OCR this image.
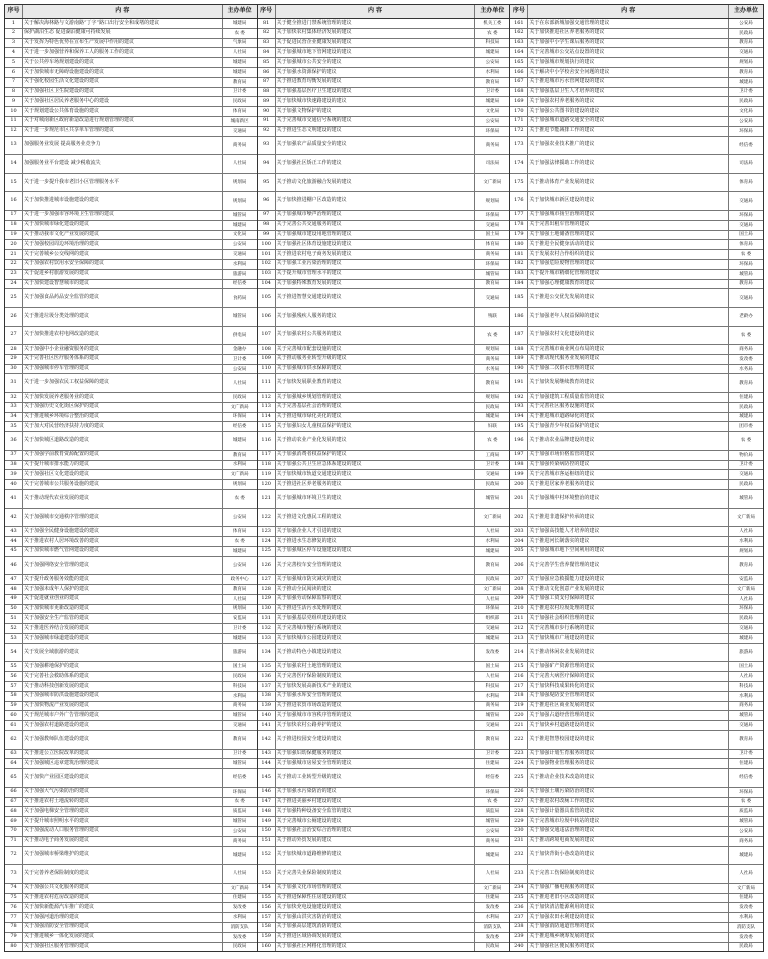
序号	内 容	主办单位
1	关于解决海林路与文游南路“丁字”路口出行安全和成堵的建议	城建局
2	保护湖泊生态 促进湖泊健康可持续发展	农 委
3	关于发挥为特色优势在宣布生产发展中作用的建议	气象局
4	关于进一步加强营养和保养工人的服务工作的建议	人社局
5	关于公共停车场规划建设的建议	城建局
6	关于加快城市无障碍设施建设的建议	城建局
7	关于强化校园生活文化建设的建议	教育局
8	关于加强社区卫生院建设的建议	卫计委
9	关于加强社区居民养老服务中心的建设	民政局
10	关于规划建设公共体育设施的建议	体育局
11	关于对城南新区政府新造改造进行规划管理的建议	城南新区
12	关于进一步规范市区共享单车管理的建议	交通局
13	加强服务业发展 提高服务业竞争力	商务局
14	加强服务业平台建设 减少税收流失	人社局
15	关于进一步提升我市老旧小区管理服务水平	规划局
16	关于加快推进城市设施建设的建议	规划局
17	关于进一步加强市容环境卫生管理的建议	城管局
18	关于加快城市绿化建设的建议	城建局
19	关于推动我市文化产业发展的建议	文化局
20	关于加强校园周边环境治理的建议	公安局
21	关于完善城乡公交线网的建议	交通局
22	关于加强农村饮用水安全保障的建议	水利局
23	关于促进乡村旅游发展的建议	旅游局
24	关于加快建设智慧城市的建议	经信委
25	关于加强食品药品安全监管的建议	食药局
26	关于推进垃圾分类处理的建议	城管局
27	关于加快推进农村电网改造的建议	供电局
28	关于加强中小企业融资服务的建议	金融办
29	关于完善社区医疗服务体系的建议	卫计委
30	关于加强城市停车管理的建议	公安局
31	关于进一步加强农民工权益保障的建议	人社局
32	关于加快发展养老服务业的建议	民政局
33	关于加强历史文化街区保护的建议	文广新局
34	关于推进城乡环境综合整治的建议	环保局
35	关于加大对民营经济扶持力度的建议	经信委
36	关于加快城区道路改造的建议	城建局
37	关于加强学前教育资源配置的建议	教育局
38	关于提升城市排水能力的建议	水利局
39	关于加强社区文化建设的建议	文广新局
40	关于完善城市公共服务设施的建议	规划局
41	关于推动现代农业发展的建议	农 委
42	关于加强城市交通秩序管理的建议	公安局
43	关于加强全民健身设施建设的建议	体育局
44	关于推进农村人居环境改善的建议	农 委
45	关于加快城市燃气管网建设的建议	城建局
46	关于加强网络安全管理的建议	公安局
47	关于提升政务服务效能的建议	政务中心
48	关于加强未成年人保护的建议	教育局
49	关于促进就业创业的建议	人社局
50	关于加快城市更新改造的建议	规划局
51	关于加强安全生产监管的建议	安监局
52	关于推进医养结合发展的建议	卫计委
53	关于加强城市绿道建设的建议	城建局
54	关于发展全域旅游的建议	旅游局
55	关于加强耕地保护的建议	国土局
56	关于完善社会救助体系的建议	民政局
57	关于推动科技创新发展的建议	科技局
58	关于加强城市防洪设施建设的建议	水利局
59	关于加快物流产业发展的建议	商务局
60	关于规范城市户外广告管理的建议	城管局
61	关于加强农村道路建设的建议	交通局
62	关于加强教师队伍建设的建议	教育局
63	关于推进公立医院改革的建议	卫计委
64	关于加强城区违章建筑治理的建议	城管局
65	关于加快产业园区建设的建议	经信委
66	关于加强大气污染防治的建议	环保局
67	关于推进农村土地流转的建议	农 委
68	关于加强电梯安全管理的建议	质监局
69	关于提升城市照明水平的建议	城管局
70	关于加强流动人口服务管理的建议	公安局
71	关于推动电子商务发展的建议	商务局
72	关于加强城市桥梁维护的建议	城建局
73	关于完善养老保险制度的建议	人社局
74	关于加强公共文化服务的建议	文广新局
75	关于推进农村危房改造的建议	住建局
76	关于加快新能源汽车推广的建议	发改委
77	关于加强河道治理的建议	水利局
78	关于加强消防安全管理的建议	消防支队
79	关于推进城乡一体化发展的建议	发改委
80	关于加强社区服务管理的建议	民政局
序号	内 容	主办单位
81	关于健全推进门禁系统管理的建议	机关工委
82	关于加快农村集体经济发展的建议	农 委
83	关于促进民营企业健康发展的建议	科技局
84	关于加强城市地下管网建设的建议	城建局
85	关于加强城市公共安全的建议	公安局
86	关于加强水资源保护的建议	水利局
87	关于推进教育均衡发展的建议	教育局
88	关于加强基层医疗卫生建设的建议	卫计委
89	关于加快城市快速路建设的建议	城建局
90	关于加强文物保护的建议	文化局
91	关于完善城市交通信号系统的建议	公安局
92	关于推进生态文明建设的建议	环保局
93	关于加强农产品质量安全的建议	商务局
94	关于加强社区矫正工作的建议	司法局
95	关于推动文化旅游融合发展的建议	文广新局
96	关于加快推进棚户区改造的建议	规划局
97	关于加强城市噪声治理的建议	环保局
98	关于完善公共交通服务的建议	交通局
99	关于加强城市建设用地管理的建议	国土局
100	关于加强社区体育设施建设的建议	体育局
101	关于推进农村电子商务发展的建议	商务局
102	关于加强工业污染治理的建议	环保局
103	关于提升城市管理水平的建议	城管局
104	关于加强特殊教育发展的建议	教育局
105	关于推进智慧交通建设的建议	交通局
106	关于加强残疾人服务的建议	残联
107	关于加强农村公共服务的建议	农 委
108	关于完善城市配套设施的建议	规划局
109	关于推动服务业转型升级的建议	商务局
110	关于加强城市供水保障的建议	水务局
111	关于加快发展职业教育的建议	教育局
112	关于加强城乡规划管理的建议	规划局
113	关于完善基层社会治理的建议	民政局
114	关于推进城市绿化美化的建议	城建局
115	关于加强妇女儿童权益保护的建议	妇联
116	关于推动农业产业化发展的建议	农 委
117	关于加强消费者权益保护的建议	工商局
118	关于加强公共卫生应急体系建设的建议	卫计委
119	关于加快城市轨道交通建设的建议	交通局
120	关于推进社区养老服务的建议	民政局
121	关于加强城市环境卫生的建议	城管局
122	关于推进文化惠民工程的建议	文广新局
123	关于加强企业人才引进的建议	人社局
124	关于推进水生态修复的建议	水利局
125	关于加强城区停车设施建设的建议	城建局
126	关于完善校车安全管理的建议	教育局
127	关于加强城市防灾减灾的建议	民政局
128	关于推动全民阅读的建议	文广新局
129	关于加强劳动保障监察的建议	人社局
130	关于推进生活污水处理的建议	环保局
131	关于加强基层党组织建设的建议	组织部
132	关于完善城市慢行系统的建议	交通局
133	关于加快城市公园建设的建议	城建局
134	关于推动特色小镇建设的建议	发改委
135	关于加强农村土地管理的建议	国土局
136	关于完善医疗保险制度的建议	人社局
137	关于加快发展高新技术产业的建议	科技局
138	关于加强水库安全管理的建议	水利局
139	关于推进农贸市场改造的建议	商务局
140	关于加强城市市容秩序管理的建议	城管局
141	关于加快农村公路养护的建议	交通局
142	关于推进校园安全建设的建议	教育局
143	关于加强妇幼保健服务的建议	卫计委
144	关于加强城市房屋安全管理的建议	住建局
145	关于推动工业转型升级的建议	经信委
146	关于加强水污染防治的建议	环保局
147	关于推进美丽乡村建设的建议	农 委
148	关于加强特种设备安全监管的建议	质监局
149	关于完善城市公厕建设的建议	城管局
150	关于加强社会治安综合治理的建议	公安局
151	关于推动外贸发展的建议	商务局
152	关于加快城市道路维修的建议	城建局
153	关于完善失业保险制度的建议	人社局
154	关于加强文化市场管理的建议	文广新局
155	关于推进保障性住房建设的建议	住建局
156	关于加快充电设施建设的建议	发改委
157	关于加强山洪灾害防治的建议	水利局
158	关于加强高层建筑消防的建议	消防支队
159	关于推进区域协调发展的建议	发改委
160	关于加强社区网格化管理的建议	民政局
序号	内 容	主办单位
161	关于在东部新城加强交通管理的建议	公安局
162	关于加快推进社区养老服务的建议	民政局
163	关于加强中小学生课后服务的建议	教育局
164	关于完善城市公交站点设置的建议	交通局
165	关于加强城市规划执行的建议	规划局
166	关于解决中小学校舍安全问题的建议	教育局
167	关于推进城市污水管网建设的建议	城建局
168	关于加强基层卫生人才培养的建议	卫计委
169	关于加强农村养老服务的建议	民政局
170	关于加强公共图书馆建设的建议	文化局
171	关于加强城市道路交通安全的建议	公安局
172	关于推进节能减排工作的建议	环保局
173	关于加强农业技术推广的建议	经信委
174	关于加强法律援助工作的建议	司法局
175	关于推动体育产业发展的建议	体育局
176	关于加快城市新区建设的建议	交通局
177	关于加强城市扬尘治理的建议	环保局
178	关于完善出租车管理的建议	交通局
179	关于加强土地储备管理的建议	国土局
180	关于推进全民健身活动的建议	体育局
181	关于发展农村合作组织的建议	农 委
182	关于加强危险废物管理的建议	环保局
183	关于提升城市精细化管理的建议	城管局
184	关于加强心理健康教育的建议	教育局
185	关于推进公交优先发展的建议	交通局
186	关于加强老年人权益保障的建议	老龄办
187	关于加强农村文化建设的建议	农 委
188	关于完善城市商业网点布局的建议	商务局
189	关于推动现代服务业发展的建议	发改委
190	关于加强二次供水管理的建议	水务局
191	关于加快发展继续教育的建议	教育局
192	关于加强建筑工程质量监管的建议	住建局
193	关于完善社区服务设施的建议	民政局
194	关于推进城市道路绿化的建议	城建局
195	关于加强青少年权益保护的建议	团市委
196	关于推动农业品牌建设的建议	农 委
197	关于加强市场价格监管的建议	物价局
198	关于加强传染病防控的建议	卫计委
199	关于完善城市客运枢纽的建议	交通局
200	关于推进居家养老服务的建议	民政局
201	关于加强城中村环境整治的建议	城管局
202	关于推进非遗保护传承的建议	文广新局
203	关于加强高技能人才培养的建议	人社局
204	关于推进河长制落实的建议	水利局
205	关于加强城市地下空间利用的建议	规划局
206	关于完善学生营养餐管理的建议	教育局
207	关于加强应急救援能力建设的建议	安监局
208	关于推动文化创意产业发展的建议	文广新局
209	关于加强工资支付保障的建议	人社局
210	关于推进农村垃圾处理的建议	环保局
211	关于加强社会组织管理的建议	民政局
212	关于完善城市步行系统的建议	交通局
213	关于加快城市广场建设的建议	城建局
214	关于推动休闲农业发展的建议	旅游局
215	关于加强矿产资源管理的建议	国土局
216	关于完善大病医疗保障的建议	人社局
217	关于加快科技成果转化的建议	科技局
218	关于加强堤防安全管理的建议	水利局
219	关于推进社区商业发展的建议	商务局
220	关于加强占道经营管理的建议	城管局
221	关于加快乡村道路建设的建议	交通局
222	关于推进智慧校园建设的建议	教育局
223	关于加强计划生育服务的建议	卫计委
224	关于加强物业管理服务的建议	住建局
225	关于推动企业技术改造的建议	经信委
226	关于加强土壤污染防治的建议	环保局
227	关于推进农村改厕工作的建议	农 委
228	关于加强计量器具监管的建议	质监局
229	关于完善城市垃圾中转站的建议	城管局
230	关于加强交通违法治理的建议	公安局
231	关于推动跨境电商发展的建议	商务局
232	关于加快背街小巷改造的建议	城建局
233	关于完善工伤保险制度的建议	人社局
234	关于加强广播电视服务的建议	文广新局
235	关于推进老旧小区改造的建议	住建局
236	关于加快清洁能源利用的建议	发改委
237	关于加强农田水利建设的建议	水利局
238	关于加强消防通道管理的建议	消防支队
239	关于推进城乡统筹发展的建议	发改委
240	关于加强社区便民服务的建议	民政局
